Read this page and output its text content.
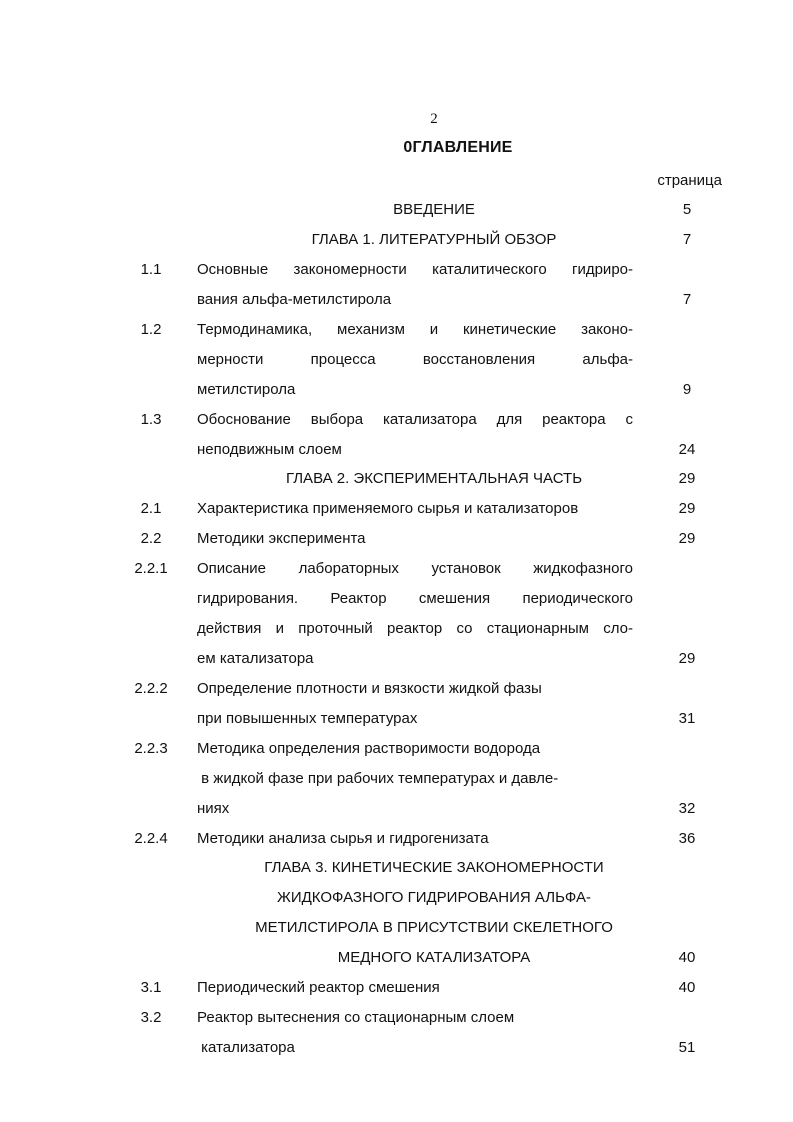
2
0ГЛАВЛЕНИЕ
страница
ВВЕДЕНИЕ	5
ГЛАВА 1. ЛИТЕРАТУРНЫЙ ОБЗОР	7
1.1	Основные закономерности каталитического гидриро-
вания альфа-метилстирола	7
1.2	Термодинамика, механизм и кинетические законо-
мерности процесса восстановления альфа-
метилстирола	9
1.3	Обоснование выбора катализатора для реактора с
неподвижным слоем	24
ГЛАВА 2. ЭКСПЕРИМЕНТАЛЬНАЯ ЧАСТЬ	29
2.1	Характеристика применяемого сырья и катализаторов	29
2.2	Методики эксперимента	29
2.2.1	Описание лабораторных установок жидкофазного
гидрирования. Реактор смешения периодического
действия и проточный реактор со стационарным сло-
ем катализатора	29
2.2.2	Определение плотности и вязкости жидкой фазы
при повышенных температурах	31
2.2.3	Методика определения растворимости водорода
в жидкой фазе при рабочих температурах и давле-
ниях	32
2.2.4	Методики анализа сырья и гидрогенизата	36
ГЛАВА 3. КИНЕТИЧЕСКИЕ ЗАКОНОМЕРНОСТИ
ЖИДКОФАЗНОГО ГИДРИРОВАНИЯ АЛЬФА-
МЕТИЛСТИРОЛА В ПРИСУТСТВИИ СКЕЛЕТНОГО
МЕДНОГО КАТАЛИЗАТОРА	40
3.1	Периодический реактор смешения	40
3.2	Реактор вытеснения со стационарным слоем
катализатора	51
